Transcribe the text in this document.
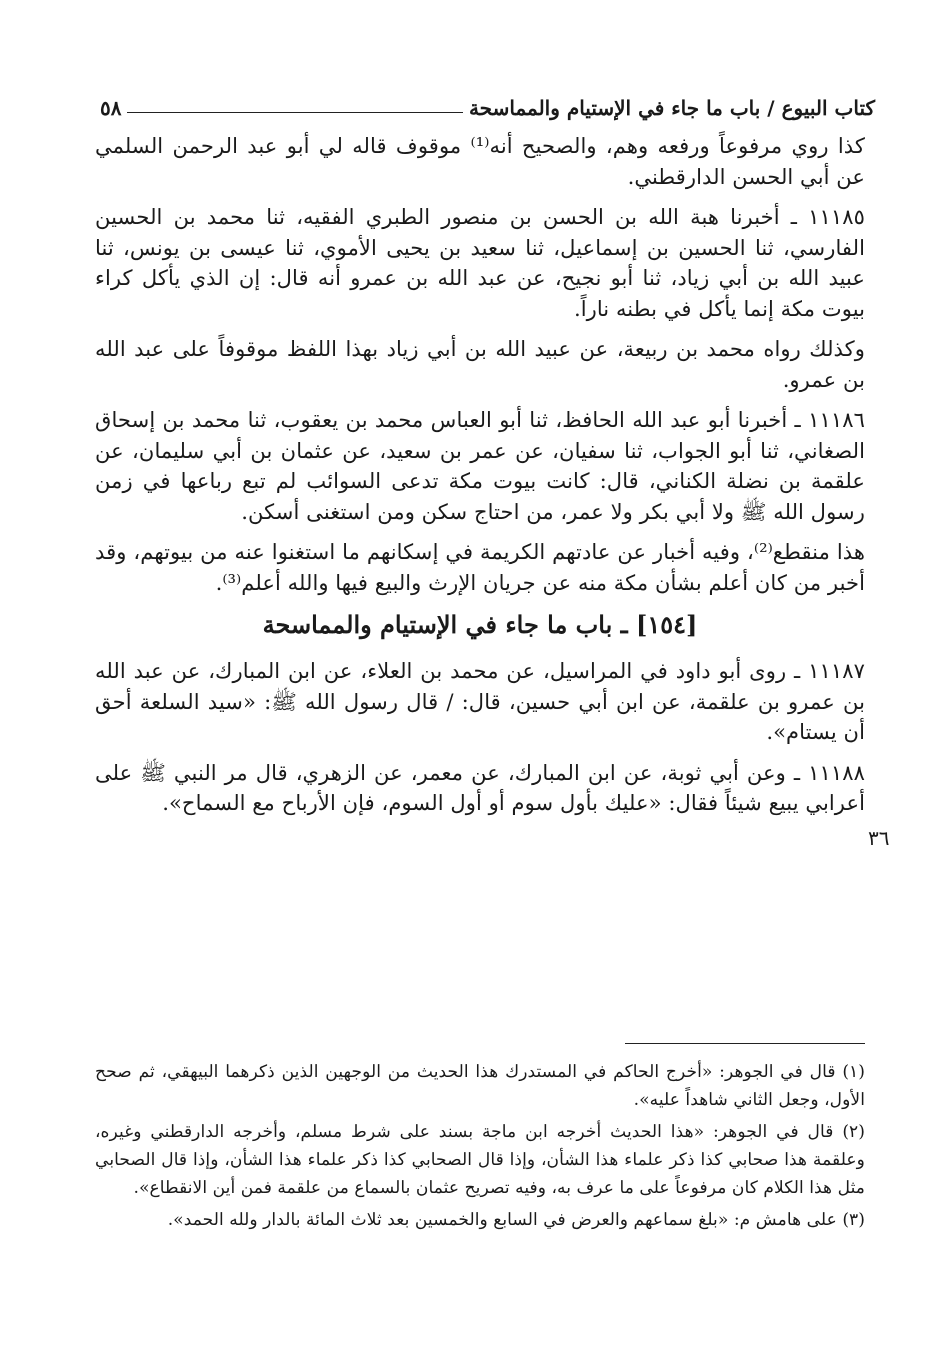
٥٨	كتاب البيوع / باب ما جاء في الإستيام والمماسحة

كذا روي مرفوعاً ورفعه وهم، والصحيح أنه⁽¹⁾ موقوف قاله لي أبو عبد الرحمن السلمي عن أبي الحسن الدارقطني.

١١١٨٥ ـ أخبرنا هبة الله بن الحسن بن منصور الطبري الفقيه، ثنا محمد بن الحسين الفارسي، ثنا الحسين بن إسماعيل، ثنا سعيد بن يحيى الأموي، ثنا عيسى بن يونس، ثنا عبيد الله بن أبي زياد، ثنا أبو نجيح، عن عبد الله بن عمرو أنه قال: إن الذي يأكل كراء بيوت مكة إنما يأكل في بطنه ناراً.

وكذلك رواه محمد بن ربيعة، عن عبيد الله بن أبي زياد بهذا اللفظ موقوفاً على عبد الله بن عمرو.

١١١٨٦ ـ أخبرنا أبو عبد الله الحافظ، ثنا أبو العباس محمد بن يعقوب، ثنا محمد بن إسحاق الصغاني، ثنا أبو الجواب، ثنا سفيان، عن عمر بن سعيد، عن عثمان بن أبي سليمان، عن علقمة بن نضلة الكناني، قال: كانت بيوت مكة تدعى السوائب لم تبع رباعها في زمن رسول الله ﷺ ولا أبي بكر ولا عمر، من احتاج سكن ومن استغنى أسكن.

هذا منقطع⁽²⁾، وفيه أخبار عن عادتهم الكريمة في إسكانهم ما استغنوا عنه من بيوتهم، وقد أخبر من كان أعلم بشأن مكة منه عن جريان الإرث والبيع فيها والله أعلم⁽³⁾.

[١٥٤] ـ باب ما جاء في الإستيام والمماسحة

١١١٨٧ ـ روى أبو داود في المراسيل، عن محمد بن العلاء، عن ابن المبارك، عن عبد الله بن عمرو بن علقمة، عن ابن أبي حسين، قال: / قال رسول الله ﷺ: «سيد السلعة أحق أن يستام».

١١١٨٨ ـ وعن أبي ثوبة، عن ابن المبارك، عن معمر، عن الزهري، قال مر النبي ﷺ على أعرابي يبيع شيئاً فقال: «عليك بأول سوم أو أول السوم، فإن الأرباح مع السماح».

٣٦

(١) قال في الجوهر: «أخرج الحاكم في المستدرك هذا الحديث من الوجهين الذين ذكرهما البيهقي، ثم صحح الأول، وجعل الثاني شاهداً عليه».

(٢) قال في الجوهر: «هذا الحديث أخرجه ابن ماجة بسند على شرط مسلم، وأخرجه الدارقطني وغيره، وعلقمة هذا صحابي كذا ذكر علماء هذا الشأن، وإذا قال الصحابي كذا ذكر علماء هذا الشأن، وإذا قال الصحابي مثل هذا الكلام كان مرفوعاً على ما عرف به، وفيه تصريح عثمان بالسماع من علقمة فمن أين الانقطاع».

(٣) على هامش م: «بلغ سماعهم والعرض في السابع والخمسين بعد ثلاث المائة بالدار ولله الحمد».
